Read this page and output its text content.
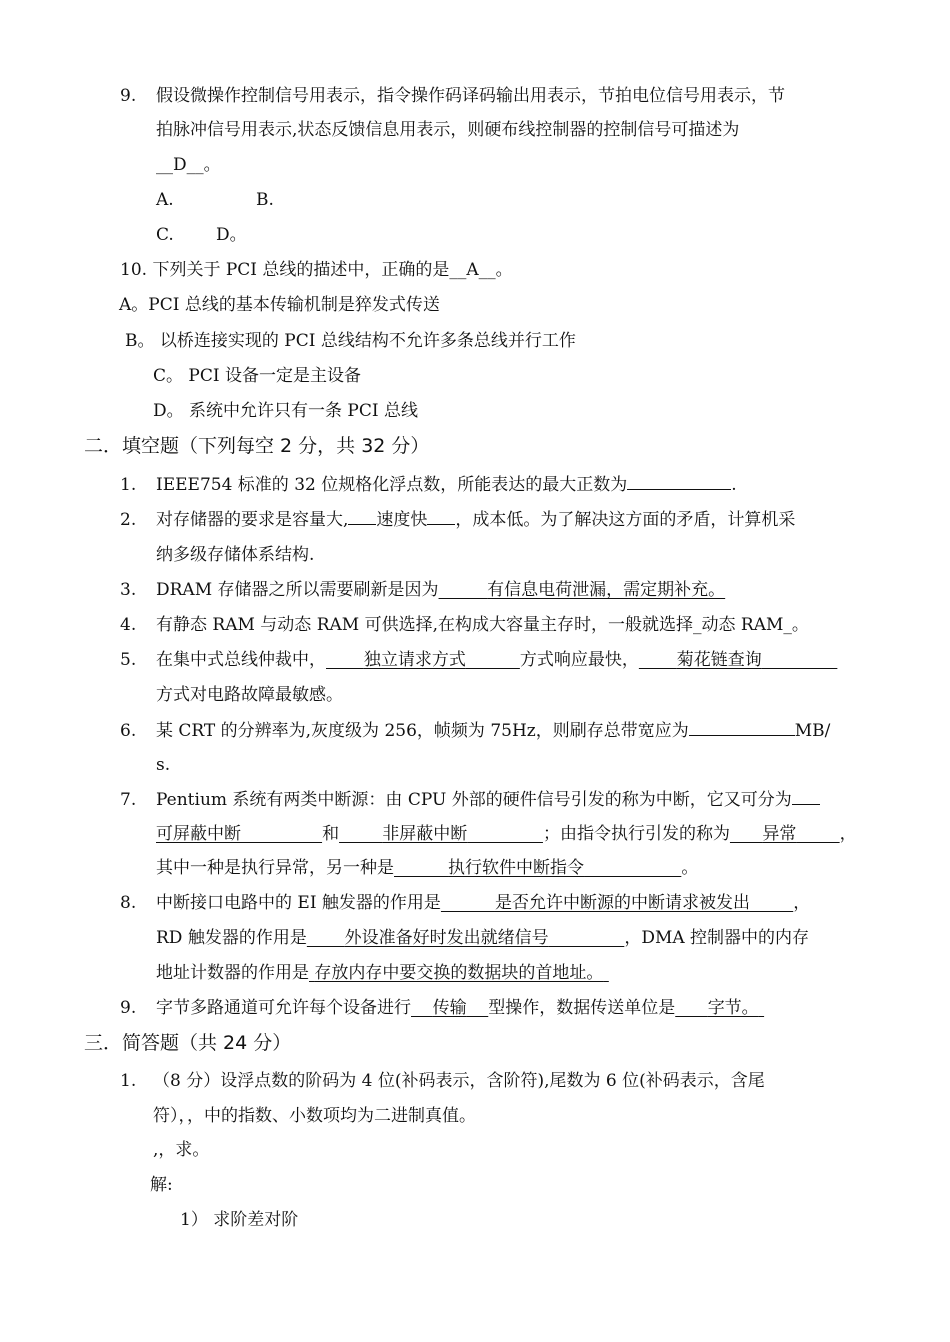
9. 假设微操作控制信号用表示，指令操作码译码输出用表示，节拍电位信号用表示，节
拍脉冲信号用表示,状态反馈信息用表示，则硬布线控制器的控制信号可描述为
__D__。
A.	B.
C. D。
10. 下列关于 PCI 总线的描述中，正确的是__A__。
A。PCI 总线的基本传输机制是猝发式传送
B。 以桥连接实现的 PCI 总线结构不允许多条总线并行工作
C。 PCI 设备一定是主设备
D。 系统中允许只有一条 PCI 总线
二．填空题（下列每空 2 分，共 32 分）
1. IEEE754 标准的 32 位规格化浮点数，所能表达的最大正数为	.
2. 对存储器的要求是容量大, 速度快 ，成本低。为了解决这方面的矛盾，计算机采
纳多级存储体系结构.
3. DRAM 存储器之所以需要刷新是因为	有信息电荷泄漏，需定期补充。
4. 有静态 RAM 与动态 RAM 可供选择,在构成大容量主存时，一般就选择_动态 RAM_。
5. 在集中式总线仲裁中， 独立请求方式	方式响应最快， 菊花链查询
方式对电路故障最敏感。
6. 某 CRT 的分辨率为,灰度级为 256，帧频为 75Hz，则刷存总带宽应为	MB/
s.
7. Pentium 系统有两类中断源：由 CPU 外部的硬件信号引发的称为中断，它又可分为
可屏蔽中断	和	非屏蔽中断	；由指令执行引发的称为 异常	，
其中一种是执行异常，另一种是	执行软件中断指令	。
8. 中断接口电路中的 EI 触发器的作用是	是否允许中断源的中断请求被发出	，
RD 触发器的作用是 外设准备好时发出就绪信号	，DMA 控制器中的内存
地址计数器的作用是 存放内存中要交换的数据块的首地址。
9. 字节多路通道可允许每个设备进行 传输 型操作，数据传送单位是 字节。
三．简答题（共 24 分）
1. （8 分）设浮点数的阶码为 4 位(补码表示，含阶符),尾数为 6 位(补码表示，含尾
符），，中的指数、小数项均为二进制真值。
,，求。
解:
1） 求阶差对阶
